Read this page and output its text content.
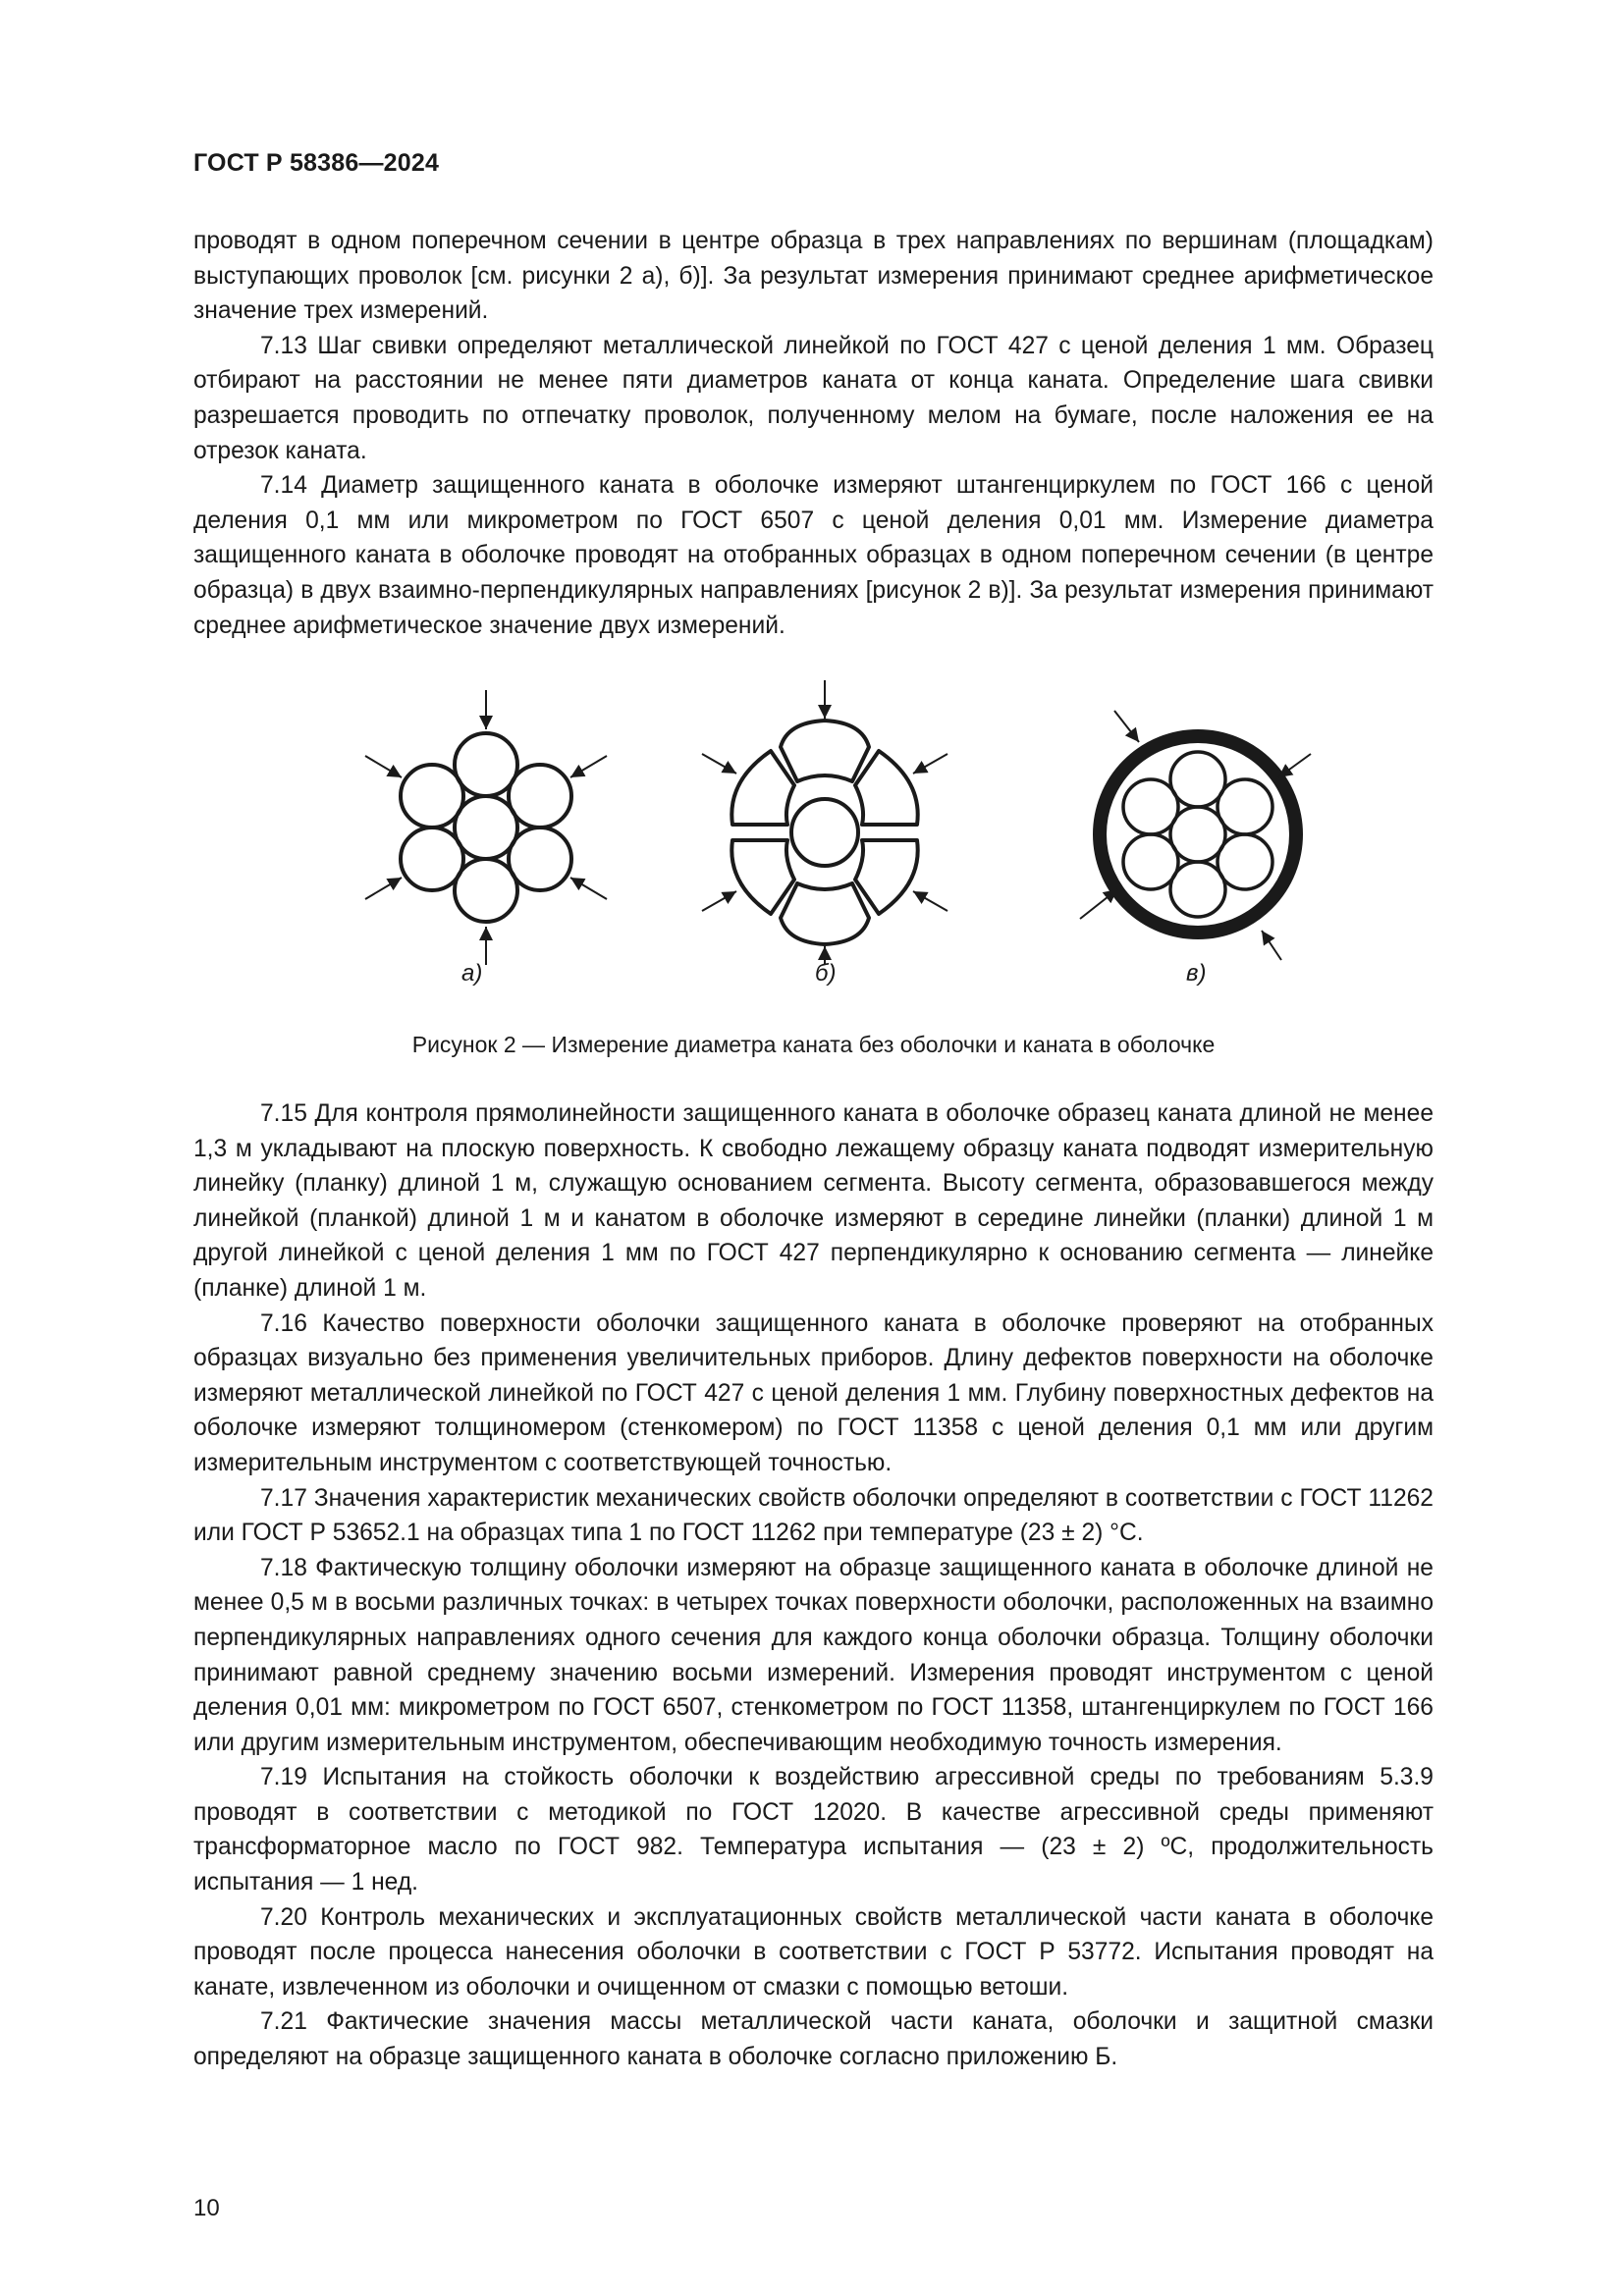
ГОСТ Р 58386—2024

проводят в одном поперечном сечении в центре образца в трех направлениях по вершинам (площадкам) выступающих проволок [см. рисунки 2 а), б)]. За результат измерения принимают среднее арифметическое значение трех измерений.

7.13 Шаг свивки определяют металлической линейкой по ГОСТ 427 с ценой деления 1 мм. Образец отбирают на расстоянии не менее пяти диаметров каната от конца каната. Определение шага свивки разрешается проводить по отпечатку проволок, полученному мелом на бумаге, после наложения ее на отрезок каната.

7.14 Диаметр защищенного каната в оболочке измеряют штангенциркулем по ГОСТ 166 с ценой деления 0,1 мм или микрометром по ГОСТ 6507 с ценой деления 0,01 мм. Измерение диаметра защищенного каната в оболочке проводят на отобранных образцах в одном поперечном сечении (в центре образца) в двух взаимно-перпендикулярных направлениях [рисунок 2 в)]. За результат измерения принимают среднее арифметическое значение двух измерений.

а)	б)	в)
Рисунок 2 — Измерение диаметра каната без оболочки и каната в оболочке

7.15 Для контроля прямолинейности защищенного каната в оболочке образец каната длиной не менее 1,3 м укладывают на плоскую поверхность. К свободно лежащему образцу каната подводят измерительную линейку (планку) длиной 1 м, служащую основанием сегмента. Высоту сегмента, образовавшегося между линейкой (планкой) длиной 1 м и канатом в оболочке измеряют в середине линейки (планки) длиной 1 м другой линейкой с ценой деления 1 мм по ГОСТ 427 перпендикулярно к основанию сегмента — линейке (планке) длиной 1 м.

7.16 Качество поверхности оболочки защищенного каната в оболочке проверяют на отобранных образцах визуально без применения увеличительных приборов. Длину дефектов поверхности на оболочке измеряют металлической линейкой по ГОСТ 427 с ценой деления 1 мм. Глубину поверхностных дефектов на оболочке измеряют толщиномером (стенкомером) по ГОСТ 11358 с ценой деления 0,1 мм или другим измерительным инструментом с соответствующей точностью.

7.17 Значения характеристик механических свойств оболочки определяют в соответствии с ГОСТ 11262 или ГОСТ Р 53652.1 на образцах типа 1 по ГОСТ 11262 при температуре (23 ± 2) °С.

7.18 Фактическую толщину оболочки измеряют на образце защищенного каната в оболочке длиной не менее 0,5 м в восьми различных точках: в четырех точках поверхности оболочки, расположенных на взаимно перпендикулярных направлениях одного сечения для каждого конца оболочки образца. Толщину оболочки принимают равной среднему значению восьми измерений. Измерения проводят инструментом с ценой деления 0,01 мм: микрометром по ГОСТ 6507, стенкометром по ГОСТ 11358, штангенциркулем по ГОСТ 166 или другим измерительным инструментом, обеспечивающим необходимую точность измерения.

7.19 Испытания на стойкость оболочки к воздействию агрессивной среды по требованиям 5.3.9 проводят в соответствии с методикой по ГОСТ 12020. В качестве агрессивной среды применяют трансформаторное масло по ГОСТ 982. Температура испытания — (23 ± 2) ºС, продолжительность испытания — 1 нед.

7.20 Контроль механических и эксплуатационных свойств металлической части каната в оболочке проводят после процесса нанесения оболочки в соответствии с ГОСТ Р 53772. Испытания проводят на канате, извлеченном из оболочки и очищенном от смазки с помощью ветоши.

7.21 Фактические значения массы металлической части каната, оболочки и защитной смазки определяют на образце защищенного каната в оболочке согласно приложению Б.

10
